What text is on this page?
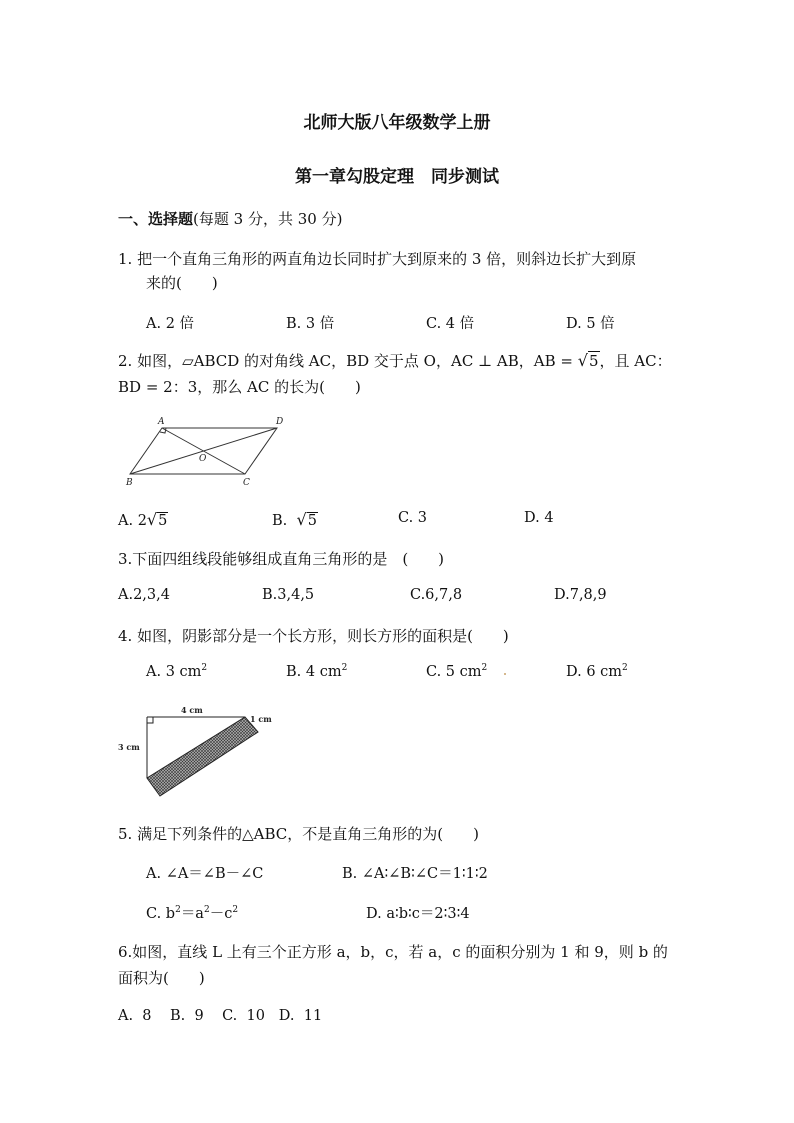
北师大版八年级数学上册
第一章勾股定理　同步测试
一、选择题(每题 3 分，共 30 分)
1. 把一个直角三角形的两直角边长同时扩大到原来的 3 倍，则斜边长扩大到原
来的(　　)
A. 2 倍	B. 3 倍	C. 4 倍	D. 5 倍
2. 如图，▱ABCD 的对角线 AC，BD 交于点 O，AC ⊥ AB，AB = √5，且 AC：
BD = 2：3，那么 AC 的长为(　　)
A	D
B	C
O
A. 2√5	B. √5	C. 3	D. 4
3.下面四组线段能够组成直角三角形的是　(　　)
A.2,3,4	B.3,4,5	C.6,7,8	D.7,8,9
4. 如图，阴影部分是一个长方形，则长方形的面积是(　　)
A. 3 $cm^2$	B. 4 $cm^2$	C. 5 $cm^2$	D. 6 $cm^2$
4 cm
3 cm
1 cm
5. 满足下列条件的△ABC，不是直角三角形的为(　　)
A. ∠A＝∠B－∠C	B. ∠A∶∠B∶∠C＝1∶1∶2
C. $b^2=a^2-c^2$	D. a∶b∶c＝2∶3∶4
6.如图，直线 L 上有三个正方形 a，b，c，若 a，c 的面积分别为 1 和 9，则 b 的
面积为(　　)
A.  8    B.  9    C.  10   D.  11
